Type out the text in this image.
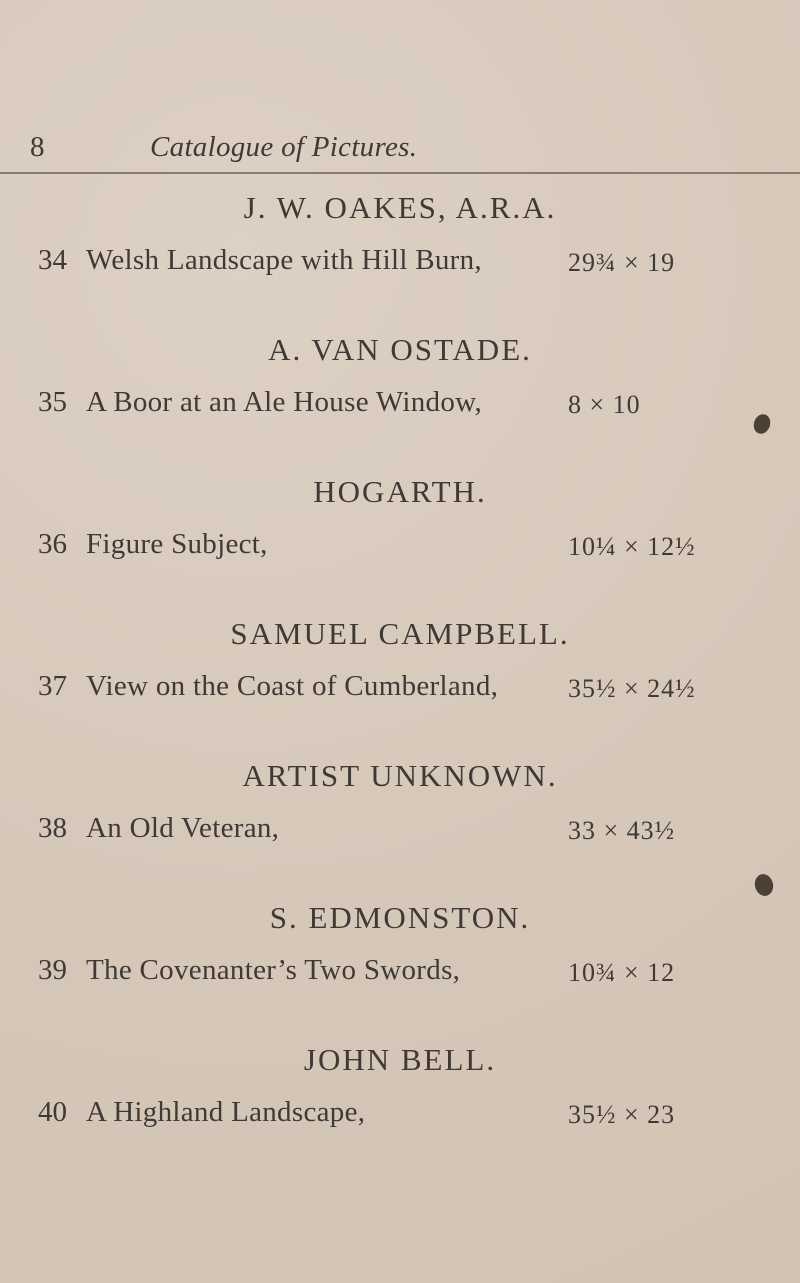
8	Catalogue of Pictures.
J. W. OAKES, A.R.A.
34 Welsh Landscape with Hill Burn,	29¾ × 19
A. VAN OSTADE.
35 A Boor at an Ale House Window,	8 × 10
HOGARTH.
36 Figure Subject,	10¼ × 12½
SAMUEL CAMPBELL.
37 View on the Coast of Cumberland,	35½ × 24½
ARTIST UNKNOWN.
38 An Old Veteran,	33 × 43½
S. EDMONSTON.
39 The Covenanter’s Two Swords,	10¾ × 12
JOHN BELL.
40 A Highland Landscape,	35½ × 23
